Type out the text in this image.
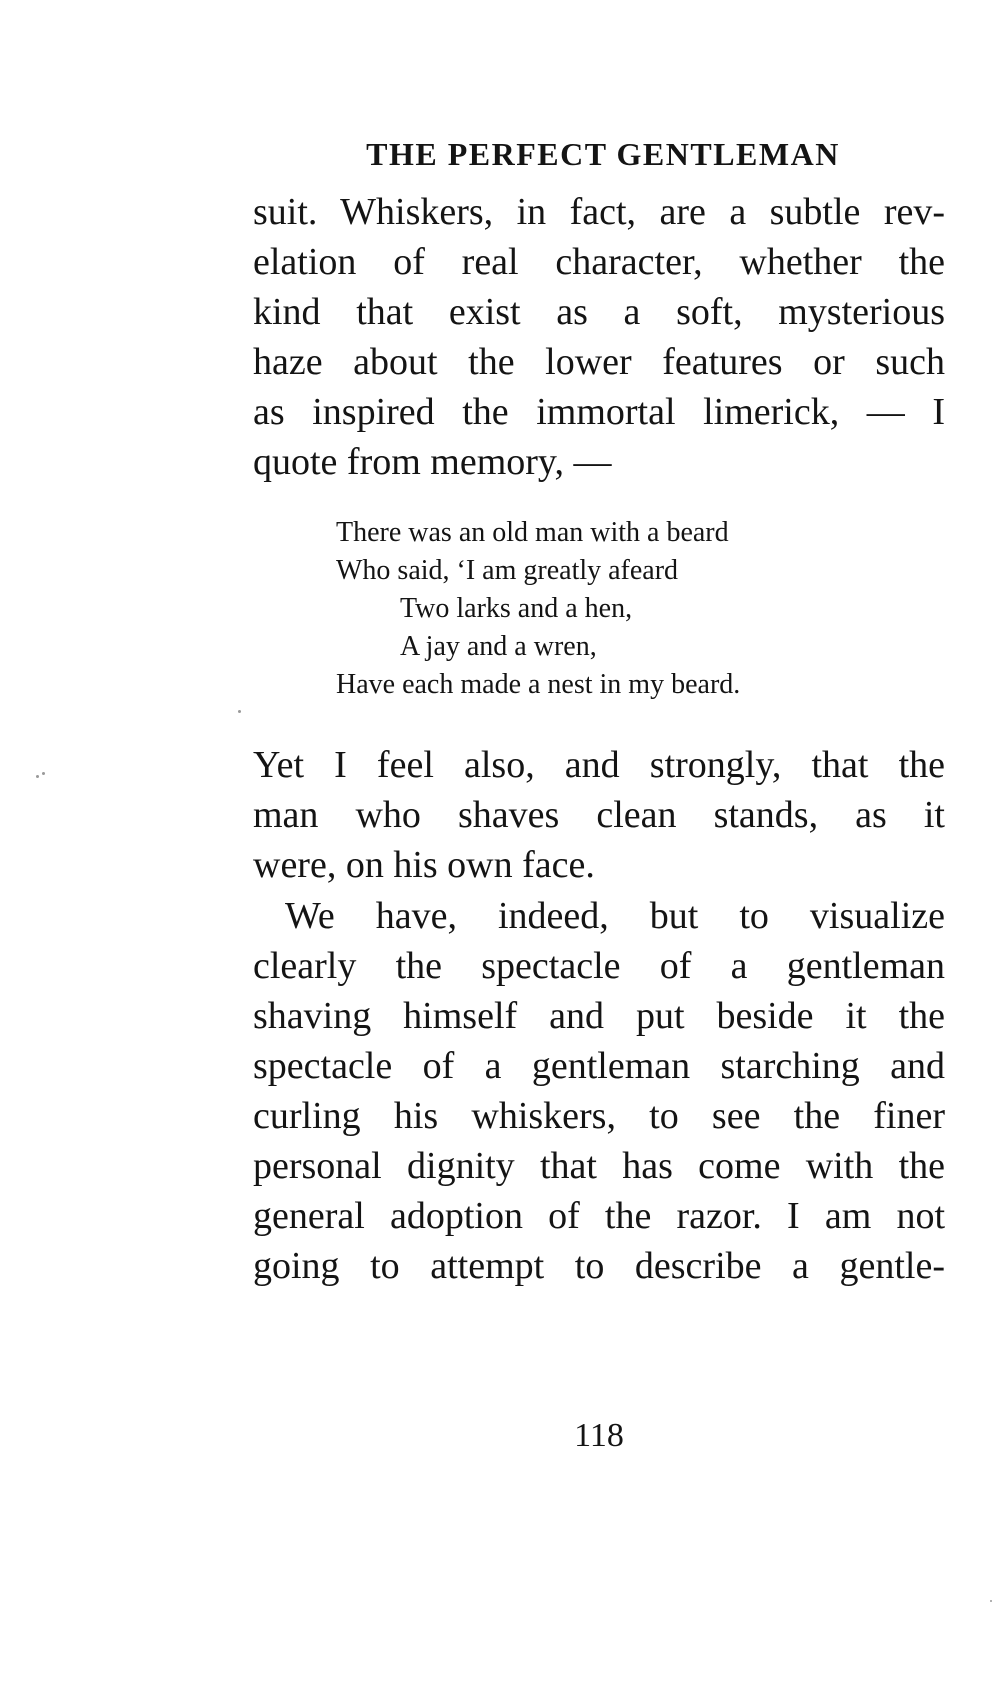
THE PERFECT GENTLEMAN
suit. Whiskers, in fact, are a subtle rev-
elation of real character, whether the
kind that exist as a soft, mysterious
haze about the lower features or such
as inspired the immortal limerick, — I
quote from memory, —
There was an old man with a beard
Who said, ‘I am greatly afeard
Two larks and a hen,
A jay and a wren,
Have each made a nest in my beard.
Yet I feel also, and strongly, that the
man who shaves clean stands, as it
were, on his own face.
We have, indeed, but to visualize
clearly the spectacle of a gentleman
shaving himself and put beside it the
spectacle of a gentleman starching and
curling his whiskers, to see the finer
personal dignity that has come with the
general adoption of the razor. I am not
going to attempt to describe a gentle-
118
